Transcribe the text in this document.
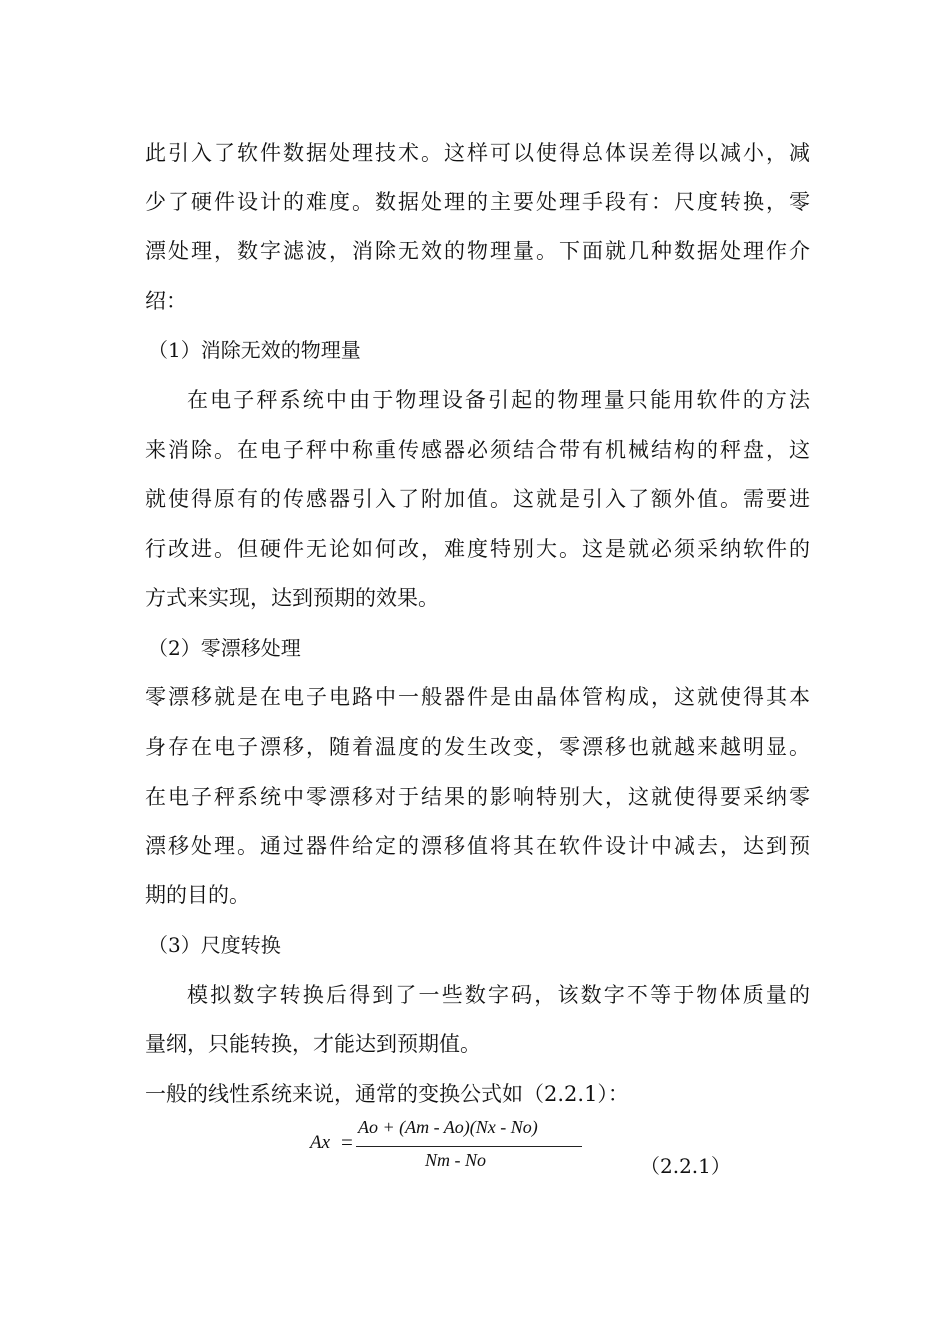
此引入了软件数据处理技术。这样可以使得总体误差得以减小，减
少了硬件设计的难度。数据处理的主要处理手段有：尺度转换，零
漂处理，数字滤波，消除无效的物理量。下面就几种数据处理作介
绍：
（1）消除无效的物理量
在电子秤系统中由于物理设备引起的物理量只能用软件的方法
来消除。在电子秤中称重传感器必须结合带有机械结构的秤盘，这
就使得原有的传感器引入了附加值。这就是引入了额外值。需要进
行改进。但硬件无论如何改，难度特别大。这是就必须采纳软件的
方式来实现，达到预期的效果。
（2）零漂移处理
零漂移就是在电子电路中一般器件是由晶体管构成，这就使得其本
身存在电子漂移，随着温度的发生改变，零漂移也就越来越明显。
在电子秤系统中零漂移对于结果的影响特别大，这就使得要采纳零
漂移处理。通过器件给定的漂移值将其在软件设计中减去，达到预
期的目的。
（3）尺度转换
模拟数字转换后得到了一些数字码，该数字不等于物体质量的
量纲，只能转换，才能达到预期值。
一般的线性系统来说，通常的变换公式如（2.2.1）：
Ax =
Ao + (Am - Ao)(Nx - No)
Nm - No	（2.2.1）
